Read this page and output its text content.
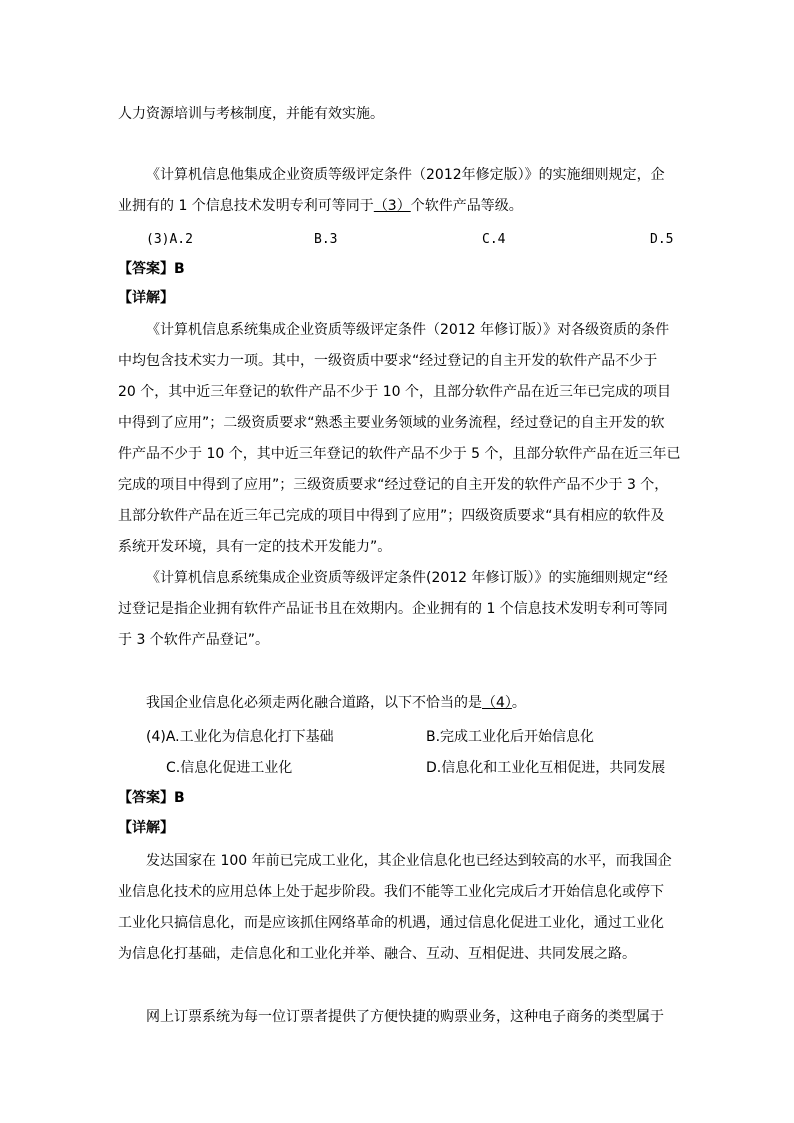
人力资源培训与考核制度，并能有效实施。
《计算机信息他集成企业资质等级评定条件（2012年修定版）》的实施细则规定，企
业拥有的 1 个信息技术发明专利可等同于（3）个软件产品等级。
(3)A.2	B.3	C.4	D.5
【答案】B
【详解】
《计算机信息系统集成企业资质等级评定条件（2012 年修订版）》对各级资质的条件
中均包含技术实力一项。其中，一级资质中要求“经过登记的自主开发的软件产品不少于
20 个，其中近三年登记的软件产品不少于 10 个，且部分软件产品在近三年已完成的项目
中得到了应用”；二级资质要求“熟悉主要业务领域的业务流程，经过登记的自主开发的软
件产品不少于 10 个，其中近三年登记的软件产品不少于 5 个，且部分软件产品在近三年已
完成的项目中得到了应用”；三级资质要求“经过登记的自主开发的软件产品不少于 3 个，
且部分软件产品在近三年己完成的项目中得到了应用”；四级资质要求“具有相应的软件及
系统开发环境，具有一定的技术开发能力”。
《计算机信息系统集成企业资质等级评定条件(2012 年修订版）》的实施细则规定“经
过登记是指企业拥有软件产品证书且在效期内。企业拥有的 1 个信息技术发明专利可等同
于 3 个软件产品登记”。
我国企业信息化必须走两化融合道路，以下不恰当的是（4）。
(4)A.工业化为信息化打下基础	B.完成工业化后开始信息化
C.信息化促进工业化	D.信息化和工业化互相促进，共同发展
【答案】B
【详解】
发达国家在 100 年前已完成工业化，其企业信息化也已经达到较高的水平，而我国企
业信息化技术的应用总体上处于起步阶段。我们不能等工业化完成后才开始信息化或停下
工业化只搞信息化，而是应该抓住网络革命的机遇，通过信息化促进工业化，通过工业化
为信息化打基础，走信息化和工业化并举、融合、互动、互相促进、共同发展之路。
网上订票系统为每一位订票者提供了方便快捷的购票业务，这种电子商务的类型属于
